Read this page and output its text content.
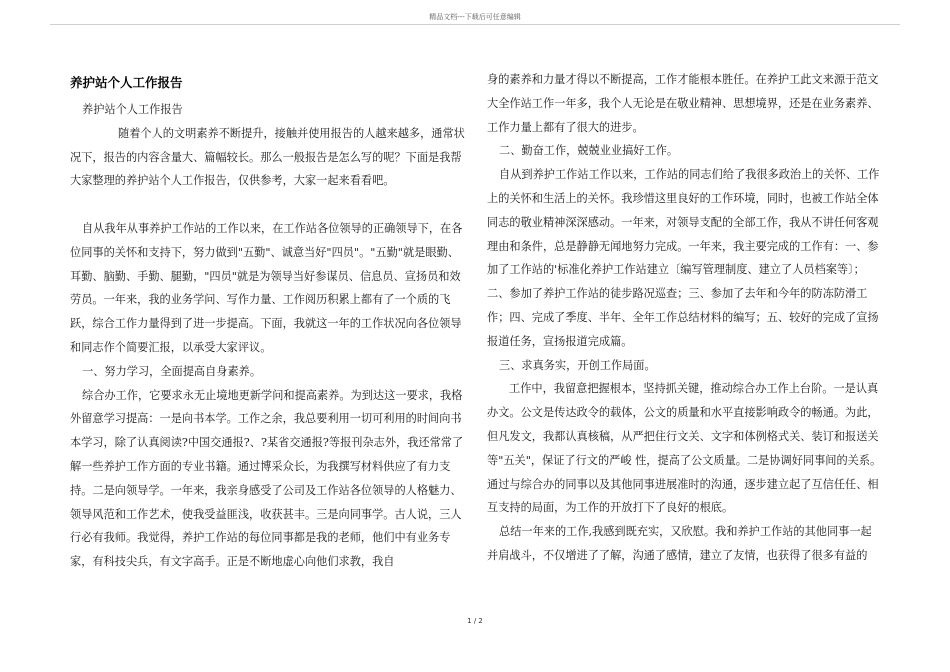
精品文档---下载后可任意编辑

养护站个人工作报告

养护站个人工作报告

随着个人的文明素养不断提升，接触并使用报告的人越来越多，通常状况下，报告的内容含量大、篇幅较长。那么一般报告是怎么写的呢？下面是我帮大家整理的养护站个人工作报告，仅供参考，大家一起来看看吧。

自从我年从事养护工作站的工作以来，在工作站各位领导的正确领导下，在各位同事的关怀和支持下，努力做到"五勤"、诚意当好"四员"。"五勤"就是眼勤、耳勤、脑勤、手勤、腿勤，"四员"就是为领导当好参谋员、信息员、宣扬员和效劳员。一年来，我的业务学问、写作力量、工作阅历积累上都有了一个质的飞跃，综合工作力量得到了进一步提高。下面，我就这一年的工作状况向各位领导和同志作个简要汇报，以承受大家评议。

一、努力学习，全面提高自身素养。

综合办工作，它要求永无止境地更新学问和提高素养。为到达这一要求，我格外留意学习提高：一是向书本学。工作之余，我总要利用一切可利用的时间向书本学习，除了认真阅读?中国交通报?、?某省交通报?等报刊杂志外，我还常常了解一些养护工作方面的专业书籍。通过博采众长，为我撰写材料供应了有力支持。二是向领导学。一年来，我亲身感受了公司及工作站各位领导的人格魅力、领导风范和工作艺术，使我受益匪浅，收获甚丰。三是向同事学。古人说，三人行必有我师。我觉得，养护工作站的每位同事都是我的老师，他们中有业务专家，有科技尖兵，有文字高手。正是不断地虚心向他们求教，我自

身的素养和力量才得以不断提高，工作才能根本胜任。在养护工此文来源于范文大全作站工作一年多，我个人无论是在敬业精神、思想境界，还是在业务素养、工作力量上都有了很大的进步。

二、勤奋工作，兢兢业业搞好工作。

自从到养护工作站工作以来，工作站的同志们给了我很多政治上的关怀、工作上的关怀和生活上的关怀。我珍惜这里良好的工作环境，同时，也被工作站全体同志的敬业精神深深感动。一年来，对领导支配的全部工作，我从不讲任何客观理由和条件，总是静静无闻地努力完成。一年来，我主要完成的工作有：一、参加了工作站的'标准化养护工作站建立〔编写管理制度、建立了人员档案等〕；二、参加了养护工作站的徒步路况巡查；三、参加了去年和今年的防冻防滑工作；四、完成了季度、半年、全年工作总结材料的编写；五、较好的完成了宣扬报道任务，宣扬报道完成篇。

三、求真务实，开创工作局面。

工作中，我留意把握根本，坚持抓关键，推动综合办工作上台阶。一是认真办文。公文是传达政令的载体，公文的质量和水平直接影响政令的畅通。为此，但凡发文，我都认真核稿，从严把住行文关、文字和体例格式关、装订和报送关等"五关"，保证了行文的严峻 性，提高了公文质量。二是协调好同事间的关系。通过与综合办的同事以及其他同事进展准时的沟通，逐步建立起了互信任任、相互支持的局面，为工作的开放打下了良好的根底。

总结一年来的工作,我感到既充实，又欣慰。我和养护工作站的其他同事一起并肩战斗，不仅增进了了解，沟通了感情，建立了友情，也获得了很多有益的

1 / 2
